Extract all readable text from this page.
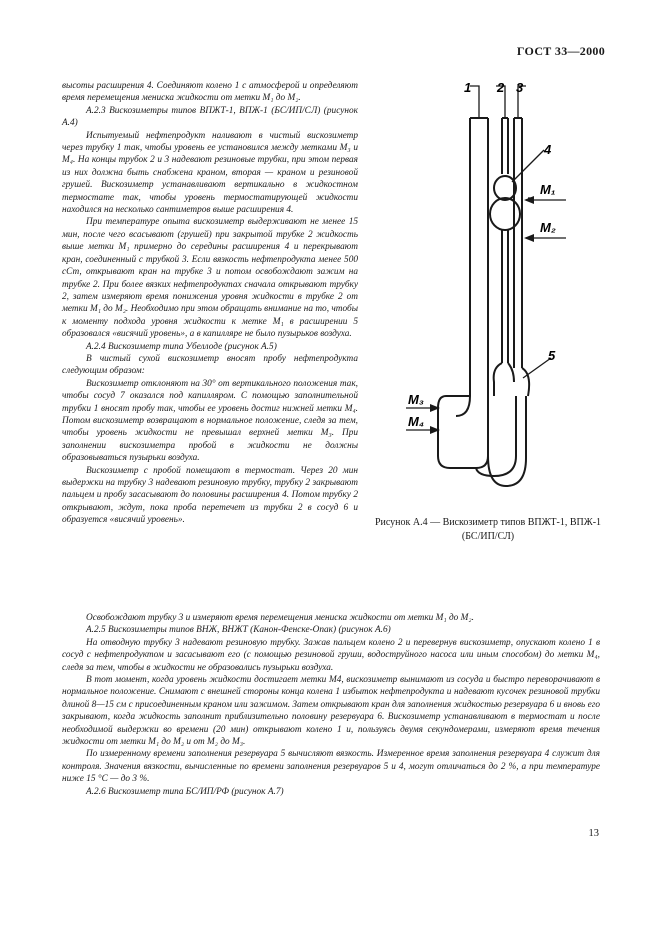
ГОСТ 33—2000

высоты расширения 4. Соединяют колено 1 с атмосферой и определяют время перемещения мениска жидкости от метки M₁ до M₂.

A.2.3 Вискозиметры типов ВПЖТ-1, ВПЖ-1 (БС/ИП/СЛ) (рисунок А.4)

Испытуемый нефтепродукт наливают в чистый вискозиметр через трубку 1 так, чтобы уровень ее установился между метками M₃ и M₄. На концы трубок 2 и 3 надевают резиновые трубки, при этом первая из них должна быть снабжена краном, вторая — краном и резиновой грушей. Вискозиметр устанавливают вертикально в жидкостном термостате так, чтобы уровень термостатирующей жидкости находился на несколько сантиметров выше расширения 4.

При температуре опыта вискозиметр выдерживают не менее 15 мин, после чего всасывают (грушей) при закрытой трубке 2 жидкость выше метки M₁ примерно до середины расширения 4 и перекрывают кран, соединенный с трубкой 3. Если вязкость нефтепродукта менее 500 сСт, открывают кран на трубке 3 и потом освобождают зажим на трубке 2. При более вязких нефтепродуктах сначала открывают трубку 2, затем измеряют время понижения уровня жидкости в трубке 2 от метки M₁ до M₂. Необходимо при этом обращать внимание на то, чтобы к моменту подхода уровня жидкости к метке M₁ в расширении 5 образовался «висячий уровень», а в капилляре не было пузырьков воздуха.

A.2.4 Вискозиметр типа Убеллоде (рисунок А.5)

В чистый сухой вискозиметр вносят пробу нефтепродукта следующим образом:

Вискозиметр отклоняют на 30° от вертикального положения так, чтобы сосуд 7 оказался под капилляром. С помощью заполнительной трубки 1 вносят пробу так, чтобы ее уровень достиг нижней метки M₄. Потом вискозиметр возвращают в нормальное положение, следя за тем, чтобы уровень жидкости не превышал верхней метки M₃. При заполнении вискозиметра пробой в жидкости не должны образовываться пузырьки воздуха.

Вискозиметр с пробой помещают в термостат. Через 20 мин выдержки на трубку 3 надевают резиновую трубку, трубку 2 закрывают пальцем и пробу засасывают до половины расширения 4. Потом трубку 2 открывают, ждут, пока проба перетечет из трубки 2 в сосуд 6 и образуется «висячий уровень».

1 2 3
4
5
M₁
M₂
M₃
M₄
Рисунок А.4 — Вискозиметр типов ВПЖТ-1, ВПЖ-1 (БС/ИП/СЛ)

Освобождают трубку 3 и измеряют время перемещения мениска жидкости от метки M₁ до M₂.

A.2.5 Вискозиметры типов ВНЖ, ВНЖТ (Канон-Фенске-Опак) (рисунок А.6)

На отводную трубку 3 надевают резиновую трубку. Зажав пальцем колено 2 и перевернув вискозиметр, опускают колено 1 в сосуд с нефтепродуктом и засасывают его (с помощью резиновой груши, водоструйного насоса или иным способом) до метки M₄, следя за тем, чтобы в жидкости не образовались пузырьки воздуха.

В тот момент, когда уровень жидкости достигает метки M4, вискозиметр вынимают из сосуда и быстро переворачивают в нормальное положение. Снимают с внешней стороны конца колена 1 избыток нефтепродукта и надевают кусочек резиновой трубки длиной 8—15 см с присоединенным краном или зажимом. Затем открывают кран для заполнения жидкостью резервуара 6 и вновь его закрывают, когда жидкость заполнит приблизительно половину резервуара 6. Вискозиметр устанавливают в термостат и после необходимой выдержки во времени (20 мин) открывают колено 1 и, пользуясь двумя секундомерами, измеряют время течения жидкости от метки M₁ до M₂ и от M₂ до M₃.

По измеренному времени заполнения резервуара 5 вычисляют вязкость. Измеренное время заполнения резервуара 4 служит для контроля. Значения вязкости, вычисленные по времени заполнения резервуаров 5 и 4, могут отличаться до 2 %, а при температуре ниже 15 °С — до 3 %.

A.2.6 Вискозиметр типа БС/ИП/РФ (рисунок А.7)

13
